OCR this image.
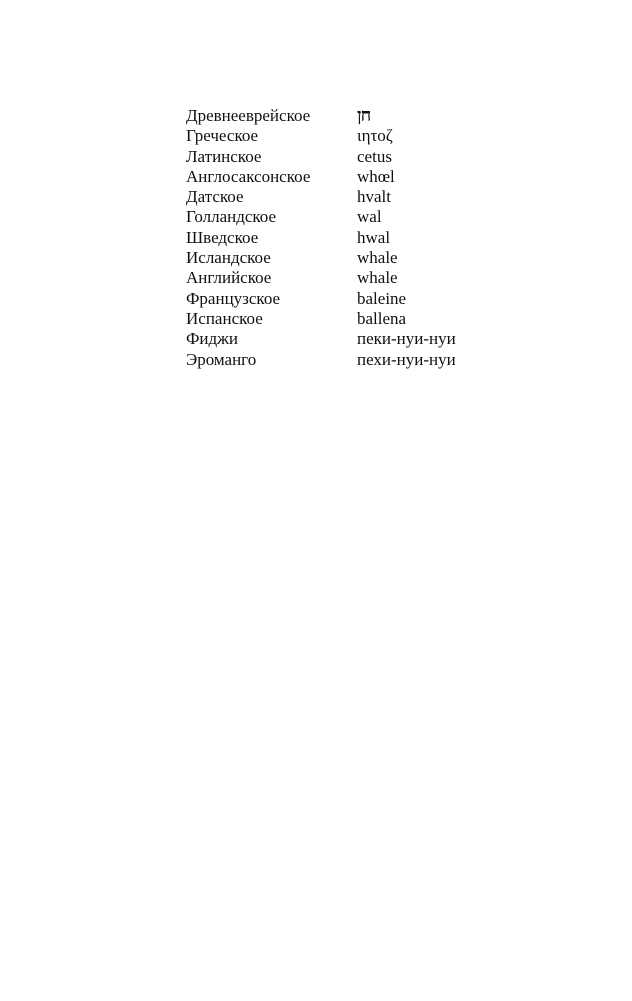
Древнееврейское	חן
Греческое	ιητοζ
Латинское	cetus
Англосаксонское	whœl
Датское	hvalt
Голландское	wal
Шведское	hwal
Исландское	whale
Английское	whale
Французское	baleine
Испанское	ballena
Фиджи	пеки-нуи-нуи
Эроманго	пехи-нуи-нуи
